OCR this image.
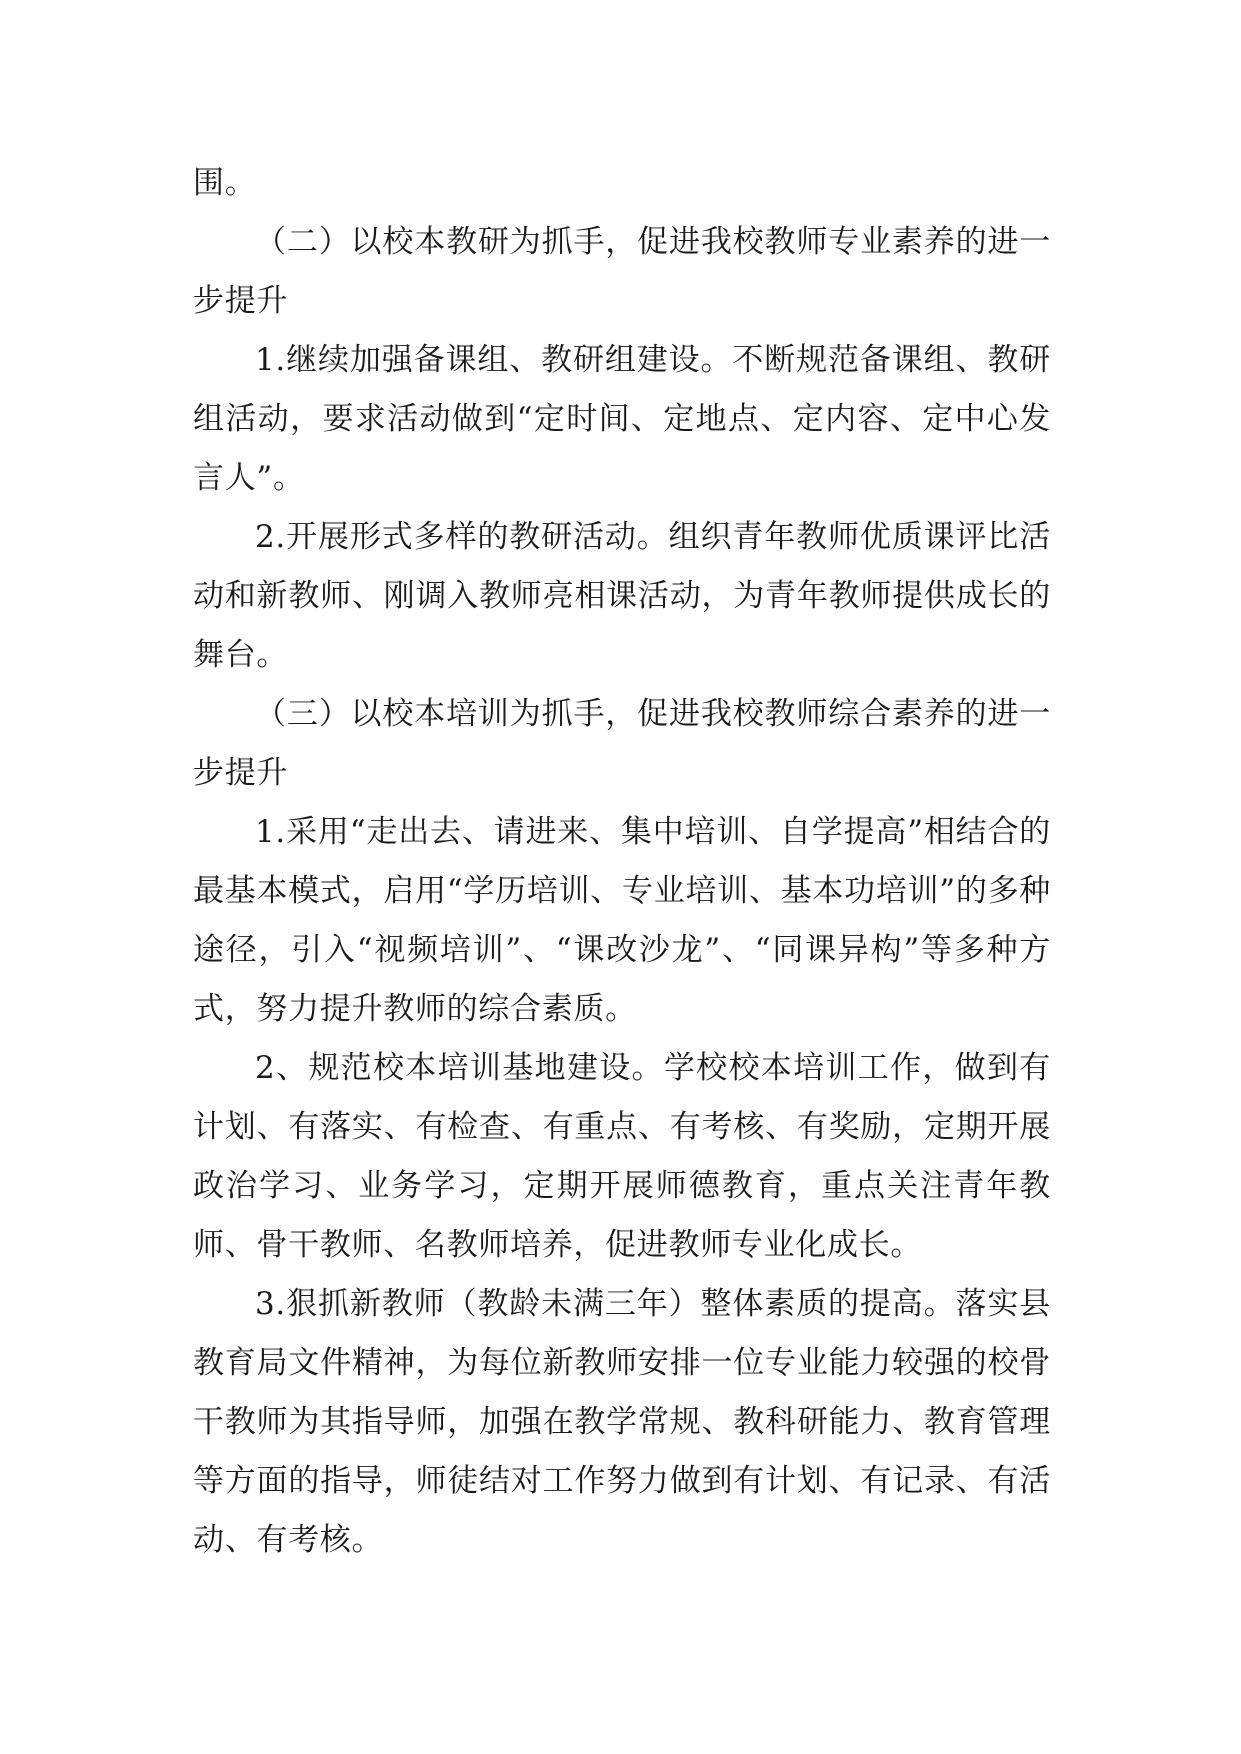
围。

（二）以校本教研为抓手，促进我校教师专业素养的进一步提升

1.继续加强备课组、教研组建设。不断规范备课组、教研组活动，要求活动做到“定时间、定地点、定内容、定中心发言人”。

2.开展形式多样的教研活动。组织青年教师优质课评比活动和新教师、刚调入教师亮相课活动，为青年教师提供成长的舞台。

（三）以校本培训为抓手，促进我校教师综合素养的进一步提升

1.采用“走出去、请进来、集中培训、自学提高”相结合的最基本模式，启用“学历培训、专业培训、基本功培训”的多种途径，引入“视频培训”、“课改沙龙”、“同课异构”等多种方式，努力提升教师的综合素质。

2、规范校本培训基地建设。学校校本培训工作，做到有计划、有落实、有检查、有重点、有考核、有奖励，定期开展政治学习、业务学习，定期开展师德教育，重点关注青年教师、骨干教师、名教师培养，促进教师专业化成长。

3.狠抓新教师（教龄未满三年）整体素质的提高。落实县教育局文件精神，为每位新教师安排一位专业能力较强的校骨干教师为其指导师，加强在教学常规、教科研能力、教育管理等方面的指导，师徒结对工作努力做到有计划、有记录、有活动、有考核。
